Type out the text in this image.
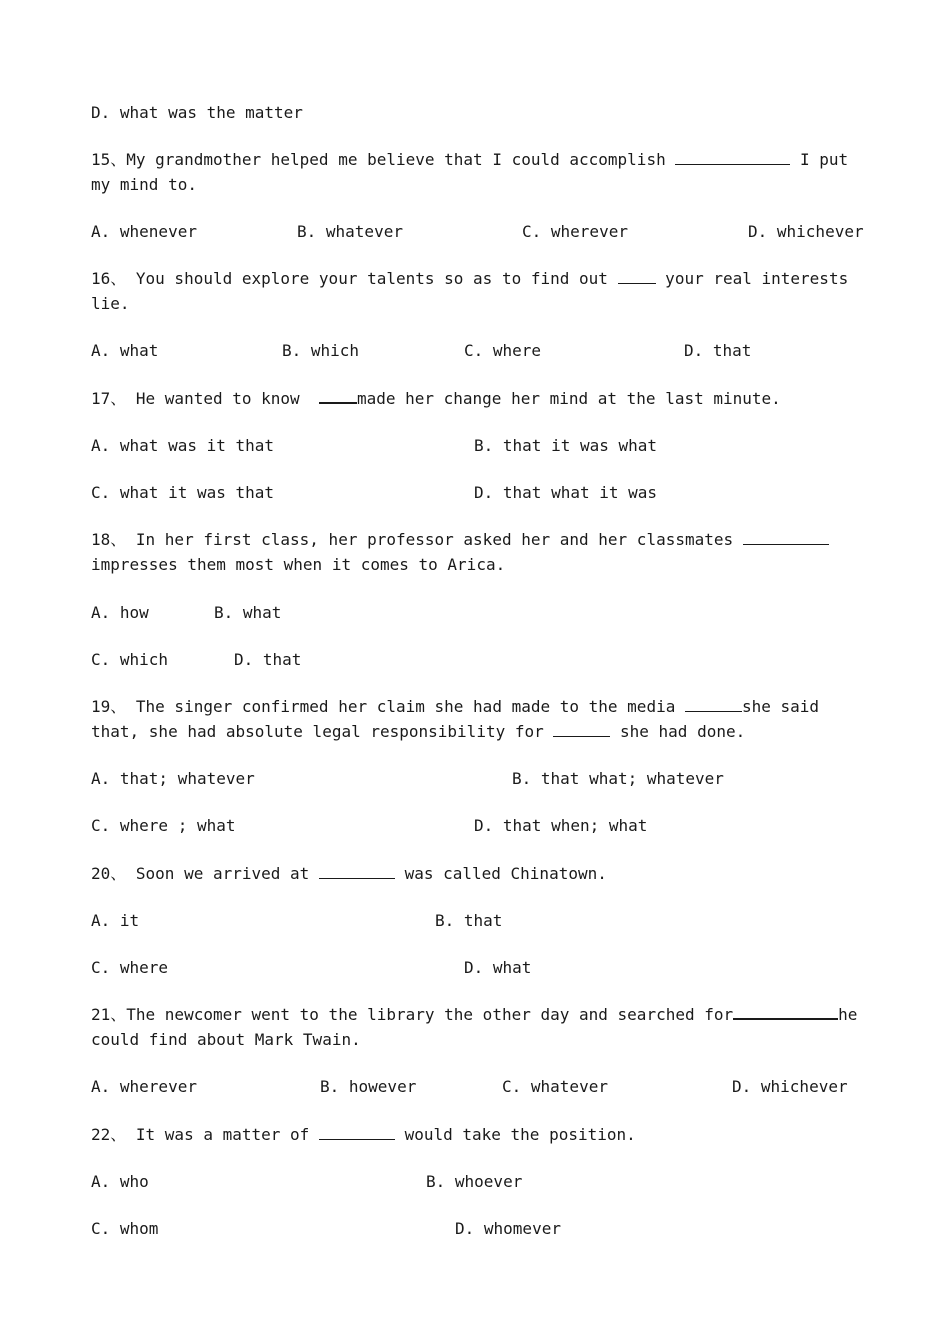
D. what was the matter
15、My grandmother helped me believe that I could accomplish	I put
my mind to.
A. whenever	B. whatever	C. wherever	D. whichever
16、 You should explore your talents so as to find out  your real interests
lie.
A. what	B. which	C. where	D. that
17、 He wanted to know  made her change her mind at the last minute.
A. what was it that	B. that it was what
C. what it was that	D. that what it was
18、 In her first class, her professor asked her and her classmates
impresses them most when it comes to Arica.
A. how	B. what
C. which	D. that
19、 The singer confirmed her claim she had made to the media	she said
that, she had absolute legal responsibility for	she had done.
A. that; whatever	B. that what; whatever
C. where ; what	D. that when; what
20、 Soon we arrived at	was called Chinatown.
A. it	B. that
C. where	D. what
21、The newcomer went to the library the other day and searched for	he
could find about Mark Twain.
A. wherever	B. however	C. whatever	D. whichever
22、 It was a matter of	would take the position.
A. who	B. whoever
C. whom	D. whomever
